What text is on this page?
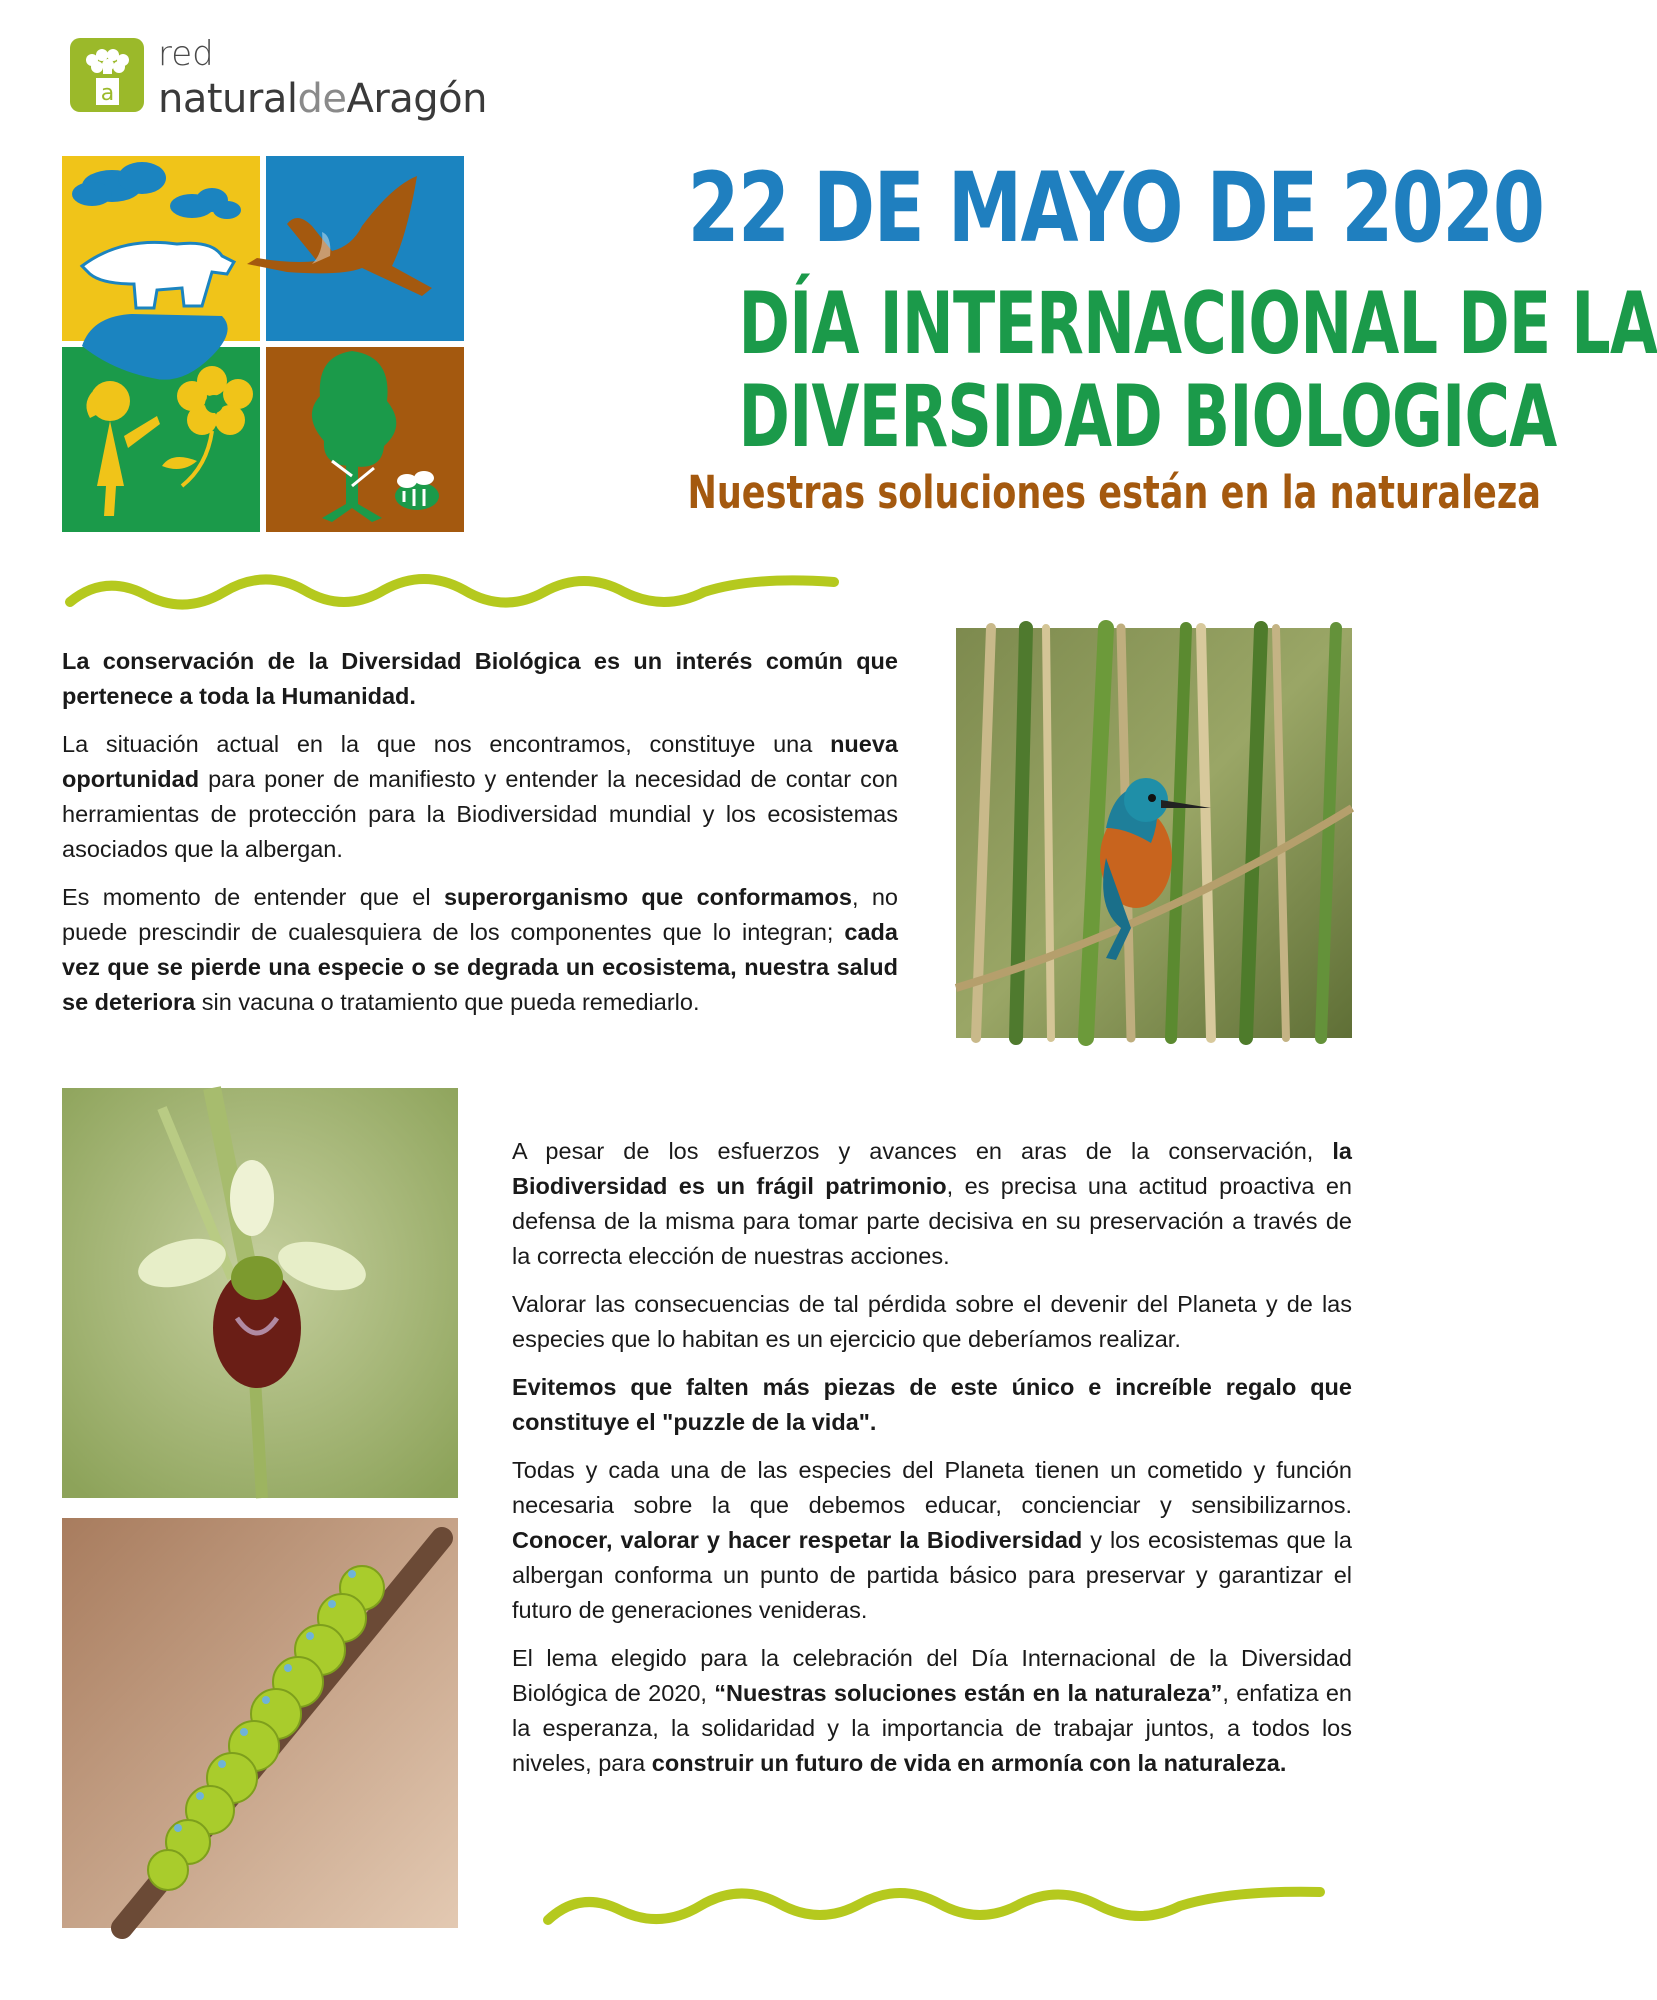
a
red
naturaldeAragón
22 DE MAYO DE 2020
DÍA INTERNACIONAL DE LA
DIVERSIDAD BIOLOGICA
Nuestras soluciones están en la naturaleza

La conservación de la Diversidad Biológica es un interés común que pertenece a toda la Humanidad.

La situación actual en la que nos encontramos, constituye una nueva oportunidad para poner de manifiesto y entender la necesidad de contar con herramientas de protección para la Biodiversidad mundial y los ecosistemas asociados que la albergan.

Es momento de entender que el superorganismo que conformamos, no puede prescindir de cualesquiera de los componentes que lo integran; cada vez que se pierde una especie o se degrada un ecosistema, nuestra salud se deteriora sin vacuna o tratamiento que pueda remediarlo.

A pesar de los esfuerzos y avances en aras de la conservación, la Biodiversidad es un frágil patrimonio, es precisa una actitud proactiva en defensa de la misma para tomar parte decisiva en su preservación a través de la correcta elección de nuestras acciones.

Valorar las consecuencias de tal pérdida sobre el devenir del Planeta y de las especies que lo habitan es un ejercicio que deberíamos realizar.

Evitemos que falten más piezas de este único e increíble regalo que constituye el "puzzle de la vida".

Todas y cada una de las especies del Planeta tienen un cometido y función necesaria sobre la que debemos educar, concienciar y sensibilizarnos. Conocer, valorar y hacer respetar la Biodiversidad y los ecosistemas que la albergan conforma un punto de partida básico para preservar y garantizar el futuro de generaciones venideras.

El lema elegido para la celebración del Día Internacional de la Diversidad Biológica de 2020, “Nuestras soluciones están en la naturaleza”, enfatiza en la esperanza, la solidaridad y la importancia de trabajar juntos, a todos los niveles, para construir un futuro de vida en armonía con la naturaleza.
